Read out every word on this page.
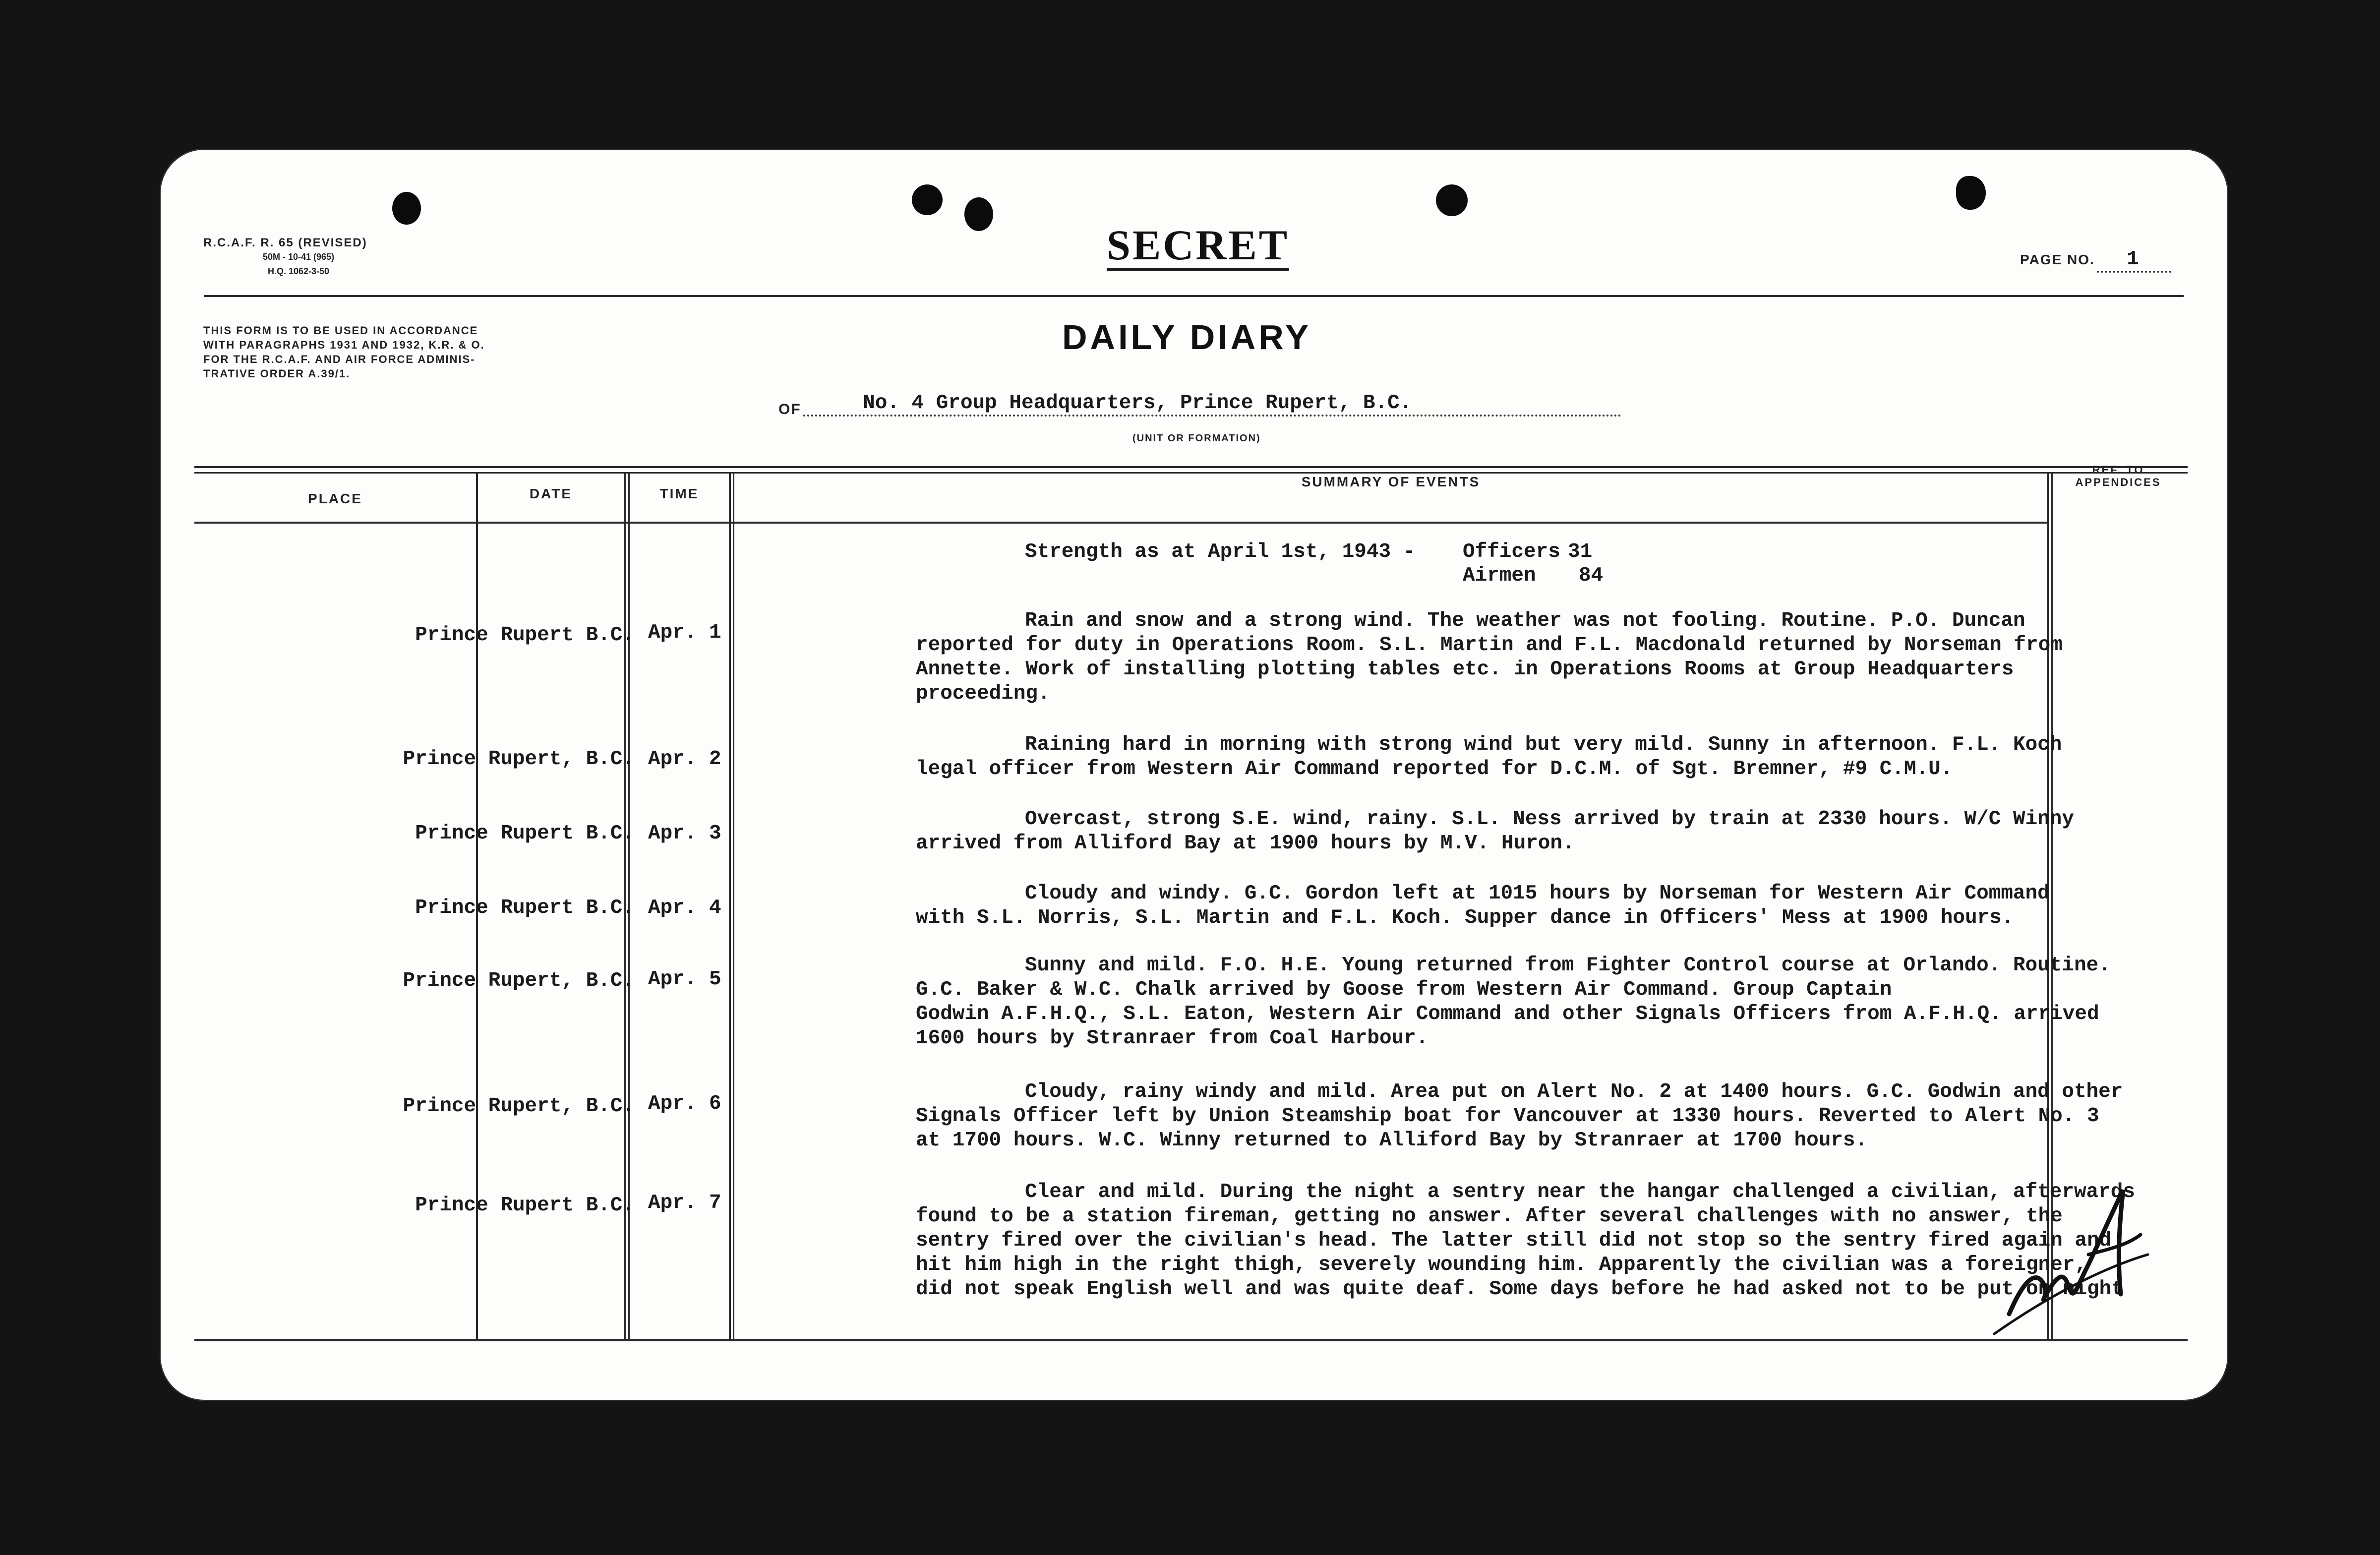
R.C.A.F. R. 65 (REVISED)
50M - 10-41 (965)
H.Q. 1062-3-50
SECRET	PAGE NO. 1
THIS FORM IS TO BE USED IN ACCORDANCE
WITH PARAGRAPHS 1931 AND 1932, K.R. & O.
FOR THE R.C.A.F. AND AIR FORCE ADMINIS-
TRATIVE ORDER A.39/1.
DAILY DIARY
OF	No. 4 Group Headquarters, Prince Rupert, B.C.
(UNIT OR FORMATION)
PLACE	DATE	TIME
SUMMARY OF EVENTS
REF. TO
APPENDICES
Strength as at April 1st, 1943 - Officers 31
Airmen 84
Prince Rupert B.C. Apr. 1
Rain and snow and a strong wind. The weather was not fooling. Routine. P.O. Duncan
reported for duty in Operations Room. S.L. Martin and F.L. Macdonald returned by Norseman from
Annette. Work of installing plotting tables etc. in Operations Rooms at Group Headquarters
proceeding.
Prince Rupert, B.C. Apr. 2
Raining hard in morning with strong wind but very mild. Sunny in afternoon. F.L. Koch
legal officer from Western Air Command reported for D.C.M. of Sgt. Bremner, #9 C.M.U.
Prince Rupert B.C. Apr. 3
Overcast, strong S.E. wind, rainy. S.L. Ness arrived by train at 2330 hours. W/C Winny
arrived from Alliford Bay at 1900 hours by M.V. Huron.
Prince Rupert B.C. Apr. 4
Cloudy and windy. G.C. Gordon left at 1015 hours by Norseman for Western Air Command
with S.L. Norris, S.L. Martin and F.L. Koch. Supper dance in Officers' Mess at 1900 hours.
Prince Rupert, B.C. Apr. 5
Sunny and mild. F.O. H.E. Young returned from Fighter Control course at Orlando. Routine.
G.C. Baker & W.C. Chalk arrived by Goose from Western Air Command. Group Captain
Godwin A.F.H.Q., S.L. Eaton, Western Air Command and other Signals Officers from A.F.H.Q. arrived
1600 hours by Stranraer from Coal Harbour.
Prince Rupert, B.C. Apr. 6
Cloudy, rainy windy and mild. Area put on Alert No. 2 at 1400 hours. G.C. Godwin and other
Signals Officer left by Union Steamship boat for Vancouver at 1330 hours. Reverted to Alert No. 3
at 1700 hours. W.C. Winny returned to Alliford Bay by Stranraer at 1700 hours.
Prince Rupert B.C. Apr. 7	Clear and mild. During the night a sentry near the hangar challenged a civilian, afterwards
found to be a station fireman, getting no answer. After several challenges with no answer, the
sentry fired over the civilian's head. The latter still did not stop so the sentry fired again and
hit him high in the right thigh, severely wounding him. Apparently the civilian was a foreigner,
did not speak English well and was quite deaf. Some days before he had asked not to be put on night
